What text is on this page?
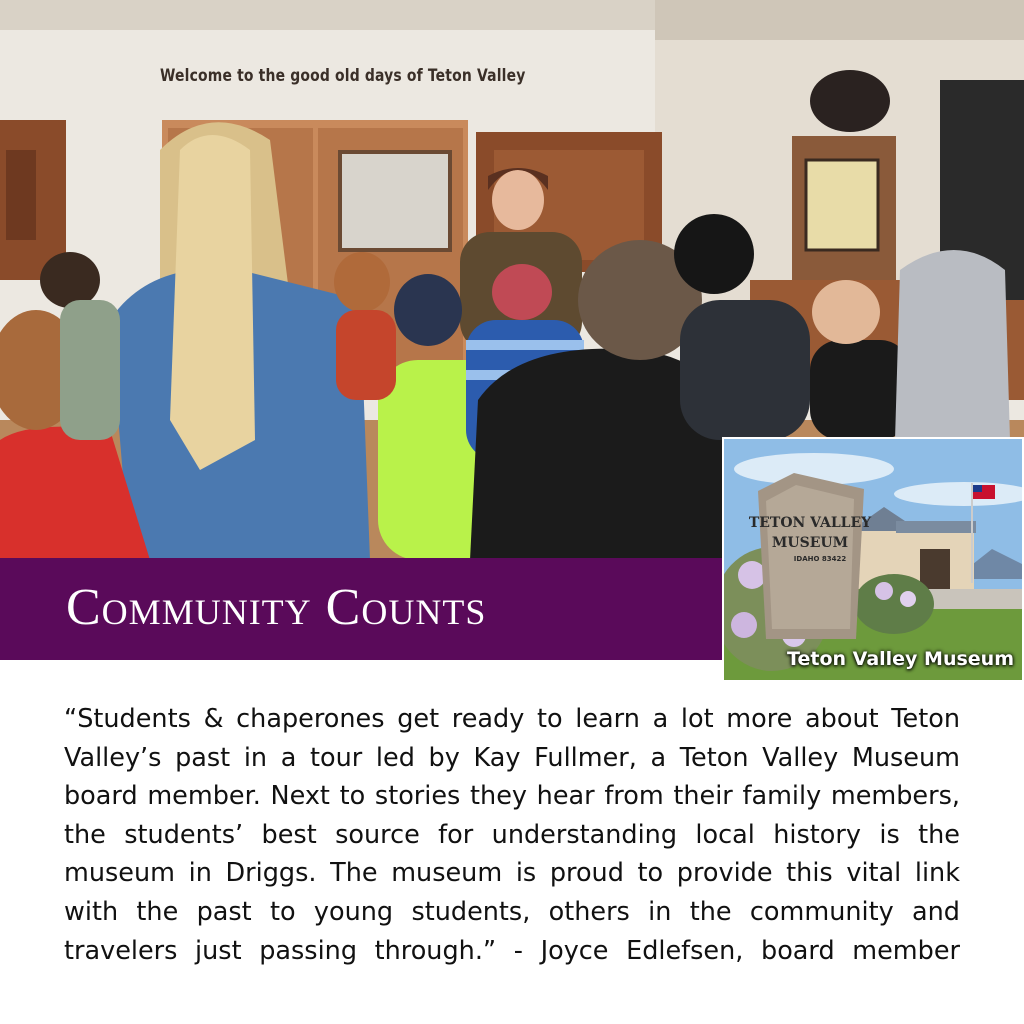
Welcome to the good old days of Teton Valley
Community Counts
TETON VALLEY
MUSEUM
IDAHO 83422
Teton Valley Museum

“Students & chaperones get ready to learn a lot more about Teton Valley’s past in a tour led by Kay Fullmer, a Teton Valley Museum board member. Next to stories they hear from their family members, the students’ best source for understanding local history is the museum in Driggs. The museum is proud to provide this vital link with the past to young students, others in the community and travelers just passing through.” - Joyce Edlefsen, board member
